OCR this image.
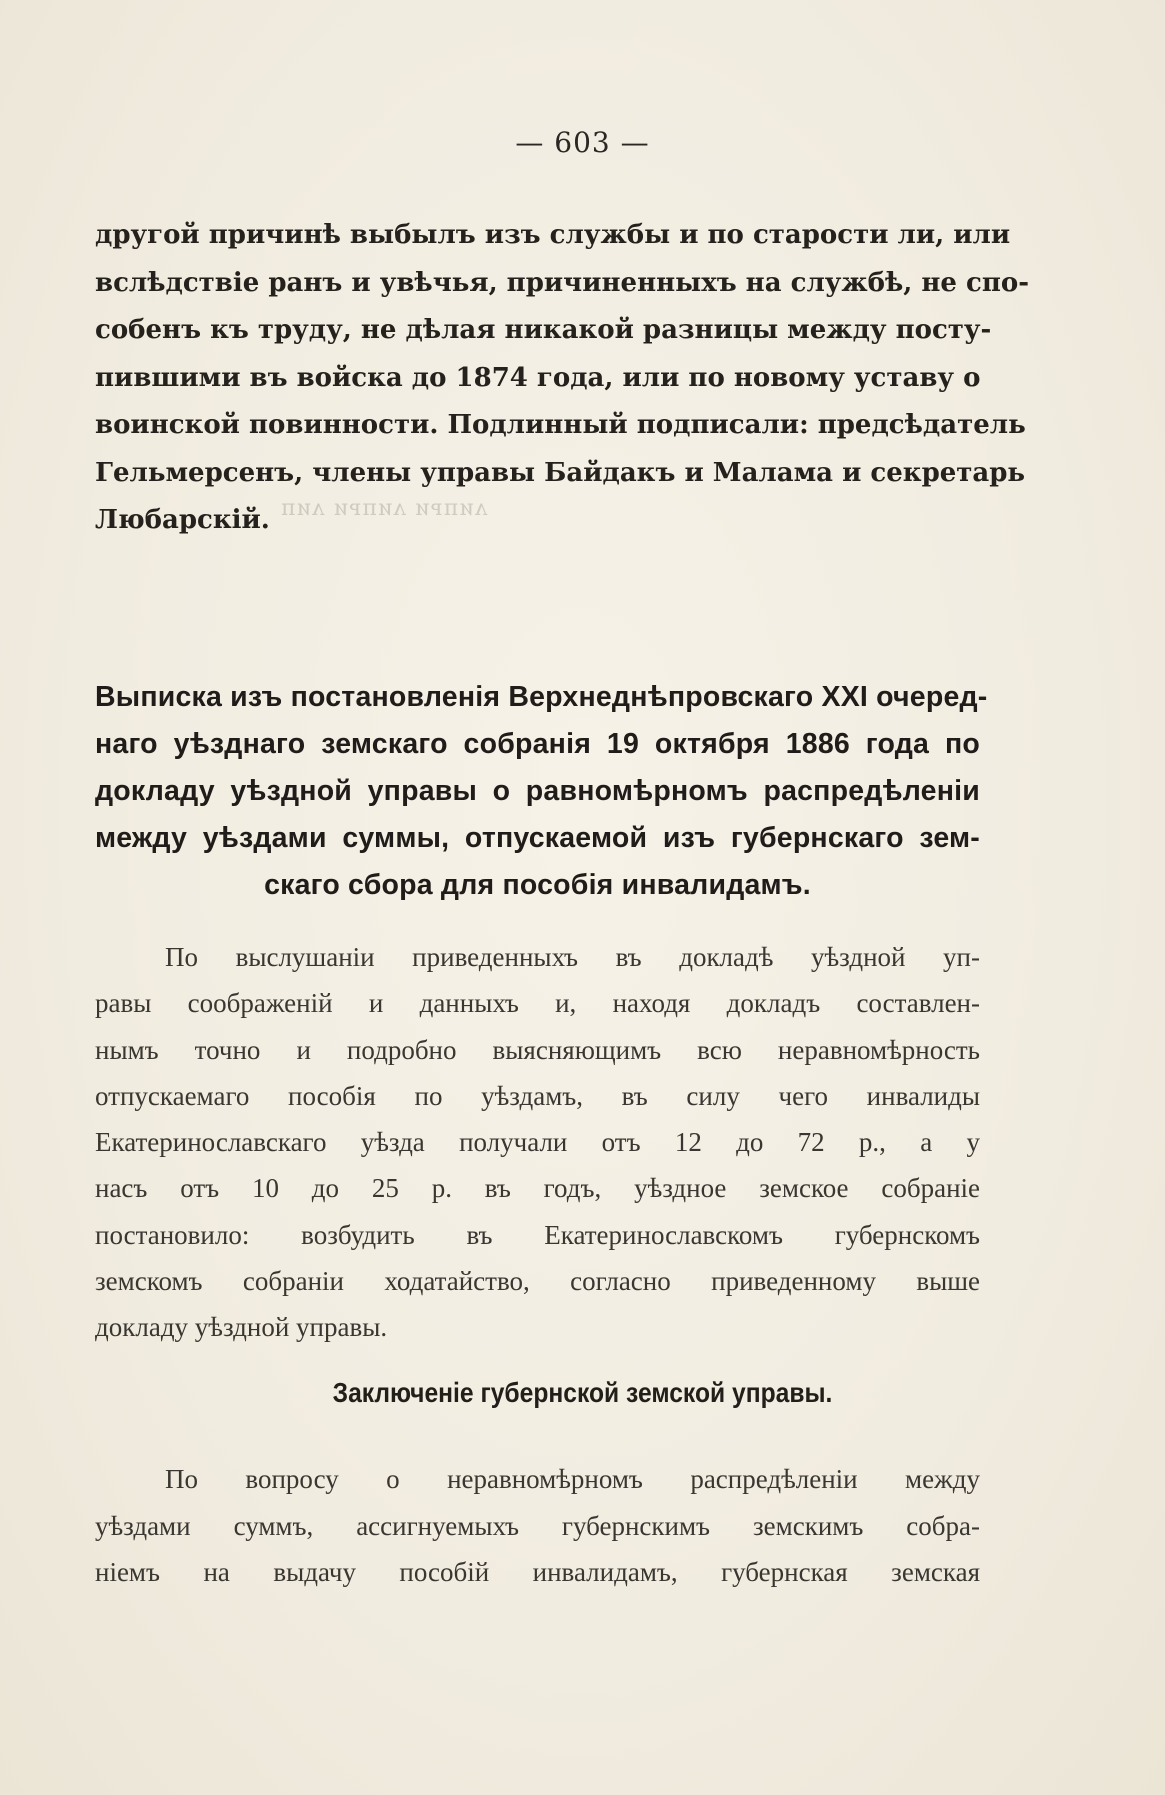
ᴧᴎᴨᴩᴎ ᴧᴎᴨᴩᴎ ᴧᴎᴨ
— 603 —
другой причинѣ выбылъ изъ службы и по старости ли, или
вслѣдствіе ранъ и увѣчья, причиненныхъ на службѣ, не спо-
собенъ къ труду, не дѣлая никакой разницы между посту-
пившими въ войска до 1874 года, или по новому уставу о
воинской повинности. Подлинный подписали: предсѣдатель
Гельмерсенъ, члены управы Байдакъ и Малама и секретарь
Любарскій.
Выписка изъ постановленія Верхнеднѣпровскаго XXI очеред-
наго уѣзднаго земскаго собранія 19 октября 1886 года по
докладу уѣздной управы о равномѣрномъ распредѣленіи
между уѣздами суммы, отпускаемой изъ губернскаго зем-
скаго сбора для пособія инвалидамъ.
По выслушаніи приведенныхъ въ докладѣ уѣздной уп-
равы соображеній и данныхъ и, находя докладъ составлен-
нымъ точно и подробно выясняющимъ всю неравномѣрность
отпускаемаго пособія по уѣздамъ, въ силу чего инвалиды
Екатеринославскаго уѣзда получали отъ 12 до 72 р., а у
насъ отъ 10 до 25 р. въ годъ, уѣздное земское собраніе
постановило: возбудить въ Екатеринославскомъ губернскомъ
земскомъ собраніи ходатайство, согласно приведенному выше
докладу уѣздной управы.
Заключеніе губернской земской управы.
По вопросу о неравномѣрномъ распредѣленіи между
уѣздами суммъ, ассигнуемыхъ губернскимъ земскимъ собра-
ніемъ на выдачу пособій инвалидамъ, губернская земская
